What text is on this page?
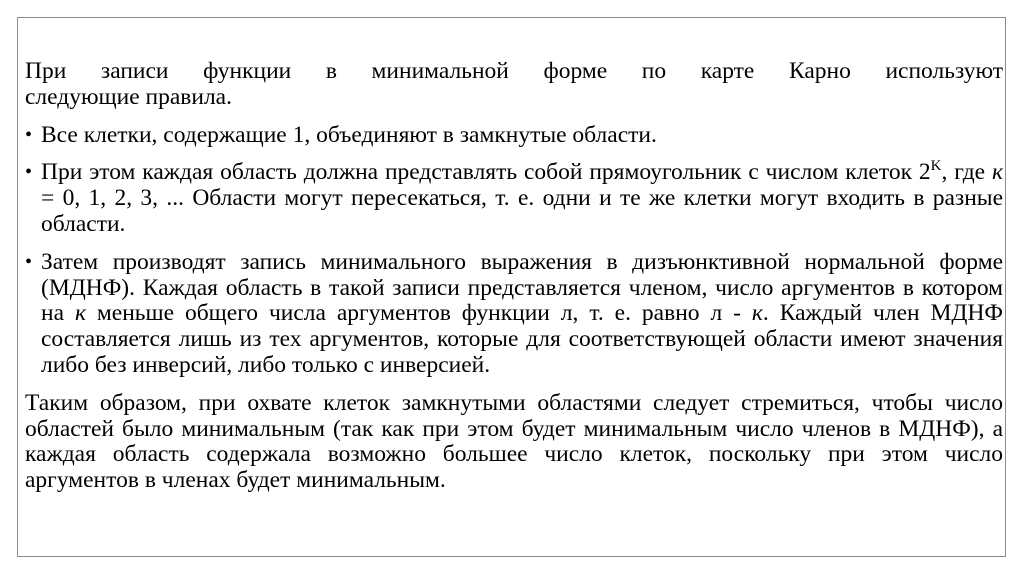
При записи функции в минимальной форме по карте Карно используют
следующие правила.

• Все клетки, содержащие 1, объединяют в замкнутые области.
• При этом каждая область должна представлять собой прямоугольник с числом клеток $2^K$, где к = 0, 1, 2, 3, ... Области могут пересекаться, т. е. одни и те же клетки могут входить в разные области.
• Затем производят запись минимального выражения в дизъюнктивной нормальной форме (МДНФ). Каждая область в такой записи представляется членом, число аргументов в котором на к меньше общего числа аргументов функции л, т. е. равно л - к. Каждый член МДНФ составляется лишь из тех аргументов, которые для соответствующей области имеют значения либо без инверсий, либо только с инверсией.

Таким образом, при охвате клеток замкнутыми областями следует стремиться, чтобы число областей было минимальным (так как при этом будет минимальным число членов в МДНФ), а каждая область содержала возможно большее число клеток, поскольку при этом число аргументов в членах будет минимальным.
